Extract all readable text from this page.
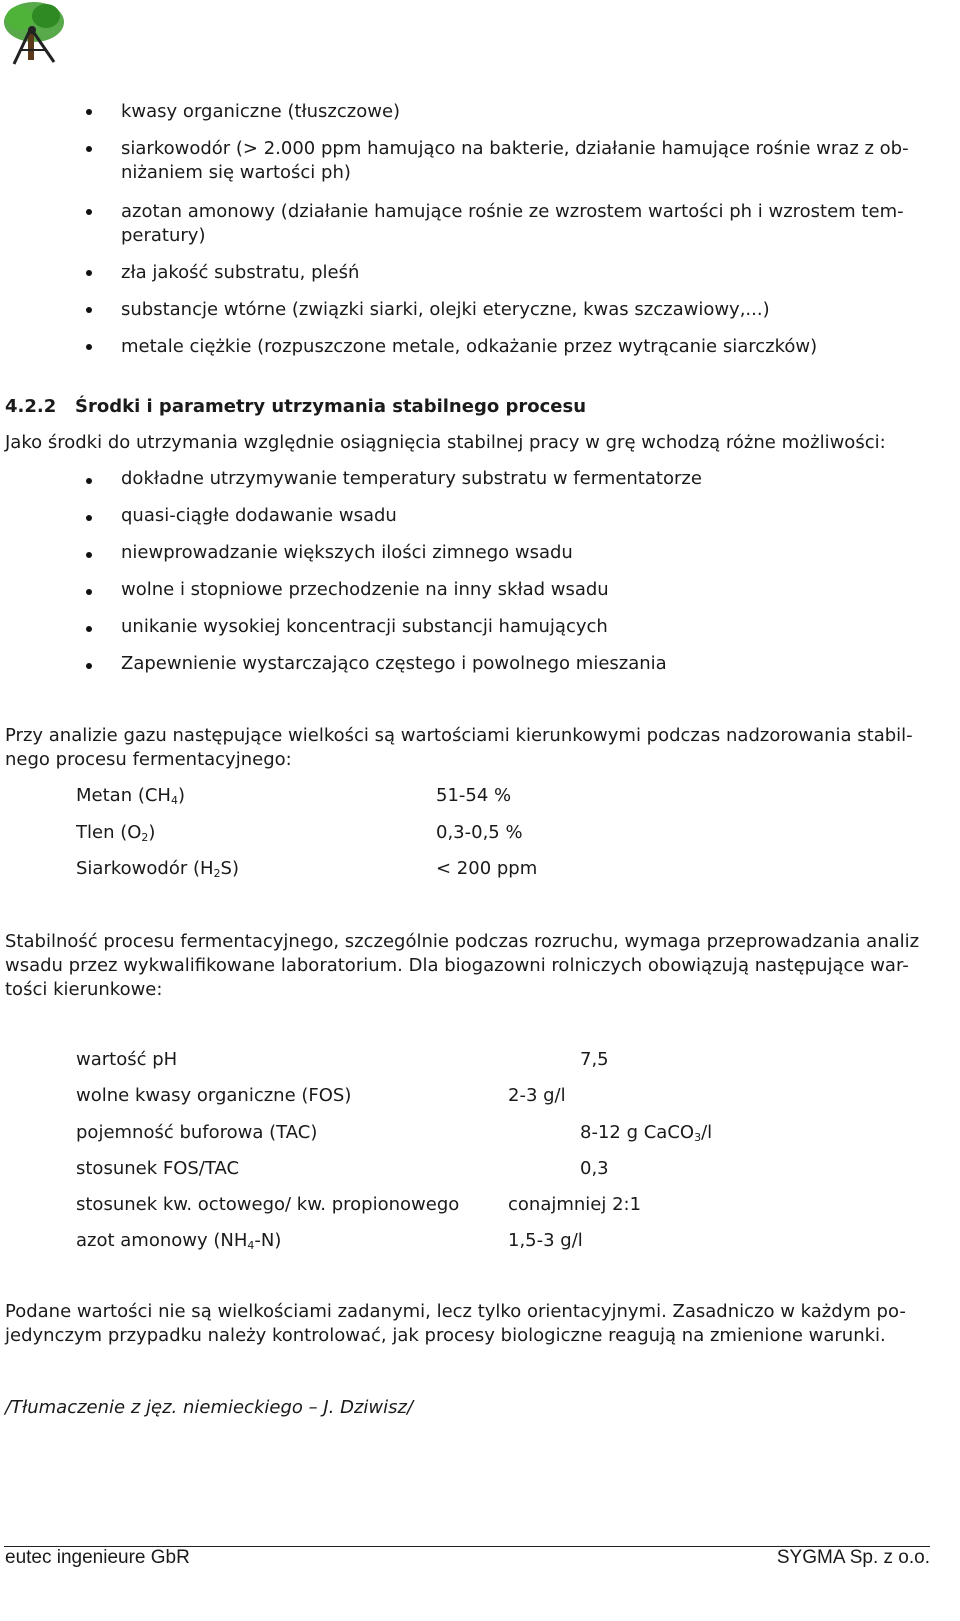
kwasy organiczne (tłuszczowe)
siarkowodór (> 2.000 ppm hamująco na bakterie, działanie hamujące rośnie wraz z ob-
niżaniem się wartości ph)
azotan amonowy (działanie hamujące rośnie ze wzrostem wartości ph i wzrostem tem-
peratury)
zła jakość substratu, pleśń
substancje wtórne (związki siarki, olejki eteryczne, kwas szczawiowy,...)
metale ciężkie (rozpuszczone metale, odkażanie przez wytrącanie siarczków)
4.2.2 Środki i parametry utrzymania stabilnego procesu
Jako środki do utrzymania względnie osiągnięcia stabilnej pracy w grę wchodzą różne możliwości:
dokładne utrzymywanie temperatury substratu w fermentatorze
quasi-ciągłe dodawanie wsadu
niewprowadzanie większych ilości zimnego wsadu
wolne i stopniowe przechodzenie na inny skład wsadu
unikanie wysokiej koncentracji substancji hamujących
Zapewnienie wystarczająco częstego i powolnego mieszania
Przy analizie gazu następujące wielkości są wartościami kierunkowymi podczas nadzorowania stabil-
nego procesu fermentacyjnego:
Metan $(CH_4)$	51-54 %
Tlen $(O_2)$	0,3-0,5 %
Siarkowodór $(H_2S)$	< 200 ppm
Stabilność procesu fermentacyjnego, szczególnie podczas rozruchu, wymaga przeprowadzania analiz
wsadu przez wykwalifikowane laboratorium. Dla biogazowni rolniczych obowiązują następujące war-
tości kierunkowe:
wartość pH	7,5
wolne kwasy organiczne (FOS)	2-3 g/l
pojemność buforowa (TAC)	8-12 g CaCO$_3$/l
stosunek FOS/TAC	0,3
stosunek kw. octowego/ kw. propionowego	conajmniej 2:1
azot amonowy $(NH_4-N)$	1,5-3 g/l
Podane wartości nie są wielkościami zadanymi, lecz tylko orientacyjnymi. Zasadniczo w każdym po-
jedynczym przypadku należy kontrolować, jak procesy biologiczne reagują na zmienione warunki.
/Tłumaczenie z jęz. niemieckiego – J. Dziwisz/
eutec ingenieure GbR	SYGMA Sp. z o.o.
